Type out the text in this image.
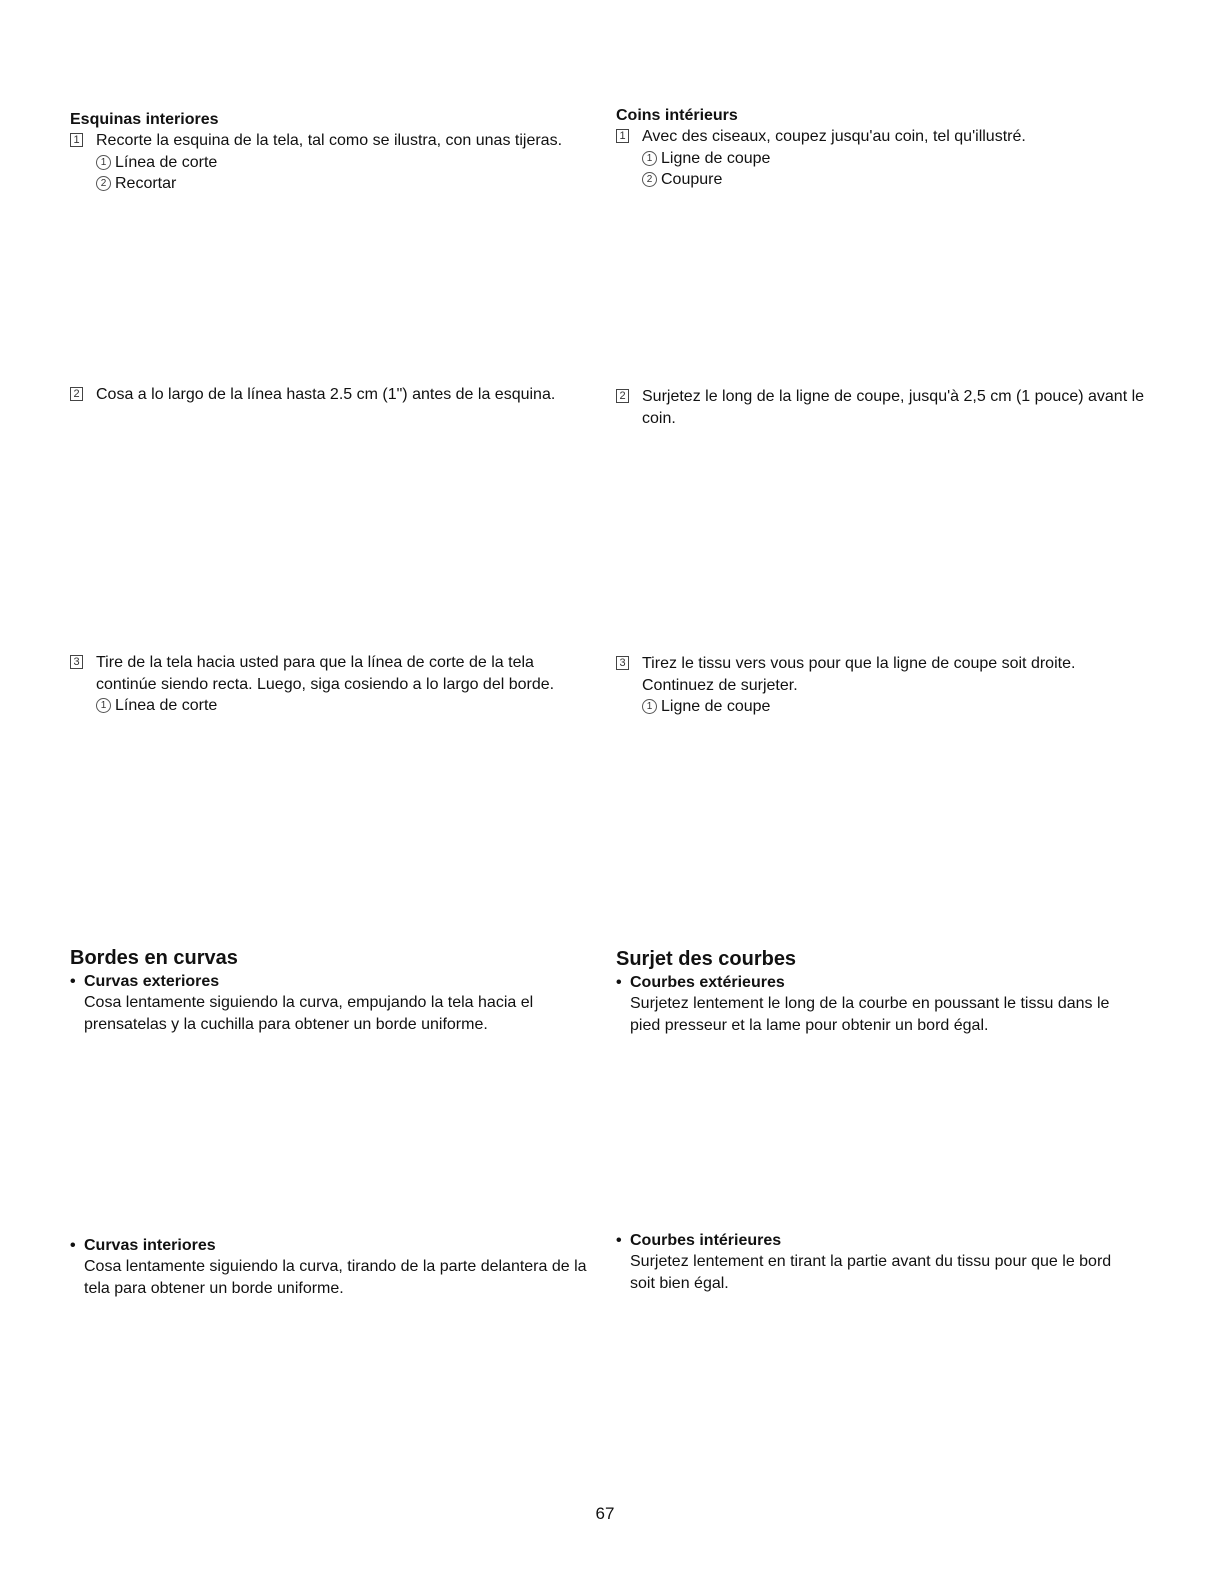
Esquinas interiores
1 Recorte la esquina de la tela, tal como se ilustra, con unas tijeras.
1 Línea de corte
2 Recortar
2 Cosa a lo largo de la línea hasta 2.5 cm (1") antes de la esquina.
3 Tire de la tela hacia usted para que la línea de corte de la tela continúe siendo recta. Luego, siga cosiendo a lo largo del borde.
1 Línea de corte
Bordes en curvas
• Curvas exteriores
Cosa lentamente siguiendo la curva, empujando la tela hacia el prensatelas y la cuchilla para obtener un borde uniforme.
• Curvas interiores
Cosa lentamente siguiendo la curva, tirando de la parte delantera de la tela para obtener un borde uniforme.
Coins intérieurs
1 Avec des ciseaux, coupez jusqu'au coin, tel qu'illustré.
1 Ligne de coupe
2 Coupure
2 Surjetez le long de la ligne de coupe, jusqu'à 2,5 cm (1 pouce) avant le coin.
3 Tirez le tissu vers vous pour que la ligne de coupe soit droite. Continuez de surjeter.
1 Ligne de coupe
Surjet des courbes
• Courbes extérieures
Surjetez lentement le long de la courbe en poussant le tissu dans le pied presseur et la lame pour obtenir un bord égal.
• Courbes intérieures
Surjetez lentement en tirant la partie avant du tissu pour que le bord soit bien égal.
67
